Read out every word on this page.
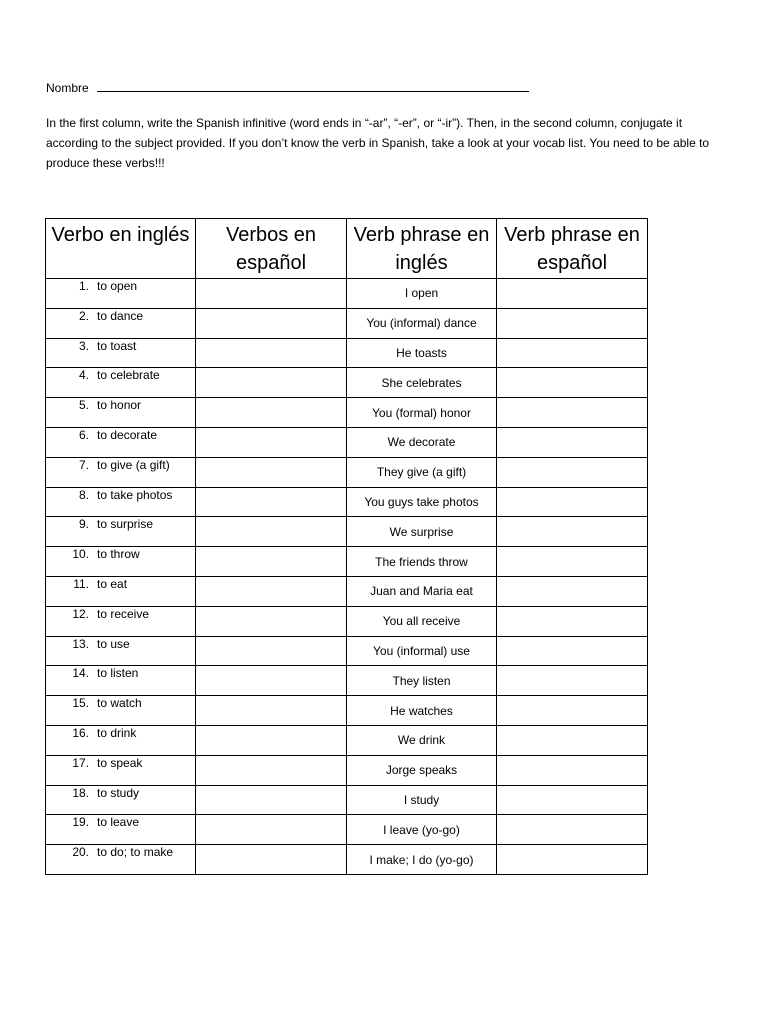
Nombre
In the first column, write the Spanish infinitive (word ends in “-ar”, “-er”, or “-ir”). Then, in the second column, conjugate it according to the subject provided. If you don’t know the verb in Spanish, take a look at your vocab list. You need to be able to produce these verbs!!!
Verbo en inglés	Verbos en español	Verb phrase en inglés	Verb phrase en español
1. to open		I open	
2. to dance		You (informal) dance	
3. to toast		He toasts	
4. to celebrate		She celebrates	
5. to honor		You (formal) honor	
6. to decorate		We decorate	
7. to give (a gift)		They give (a gift)	
8. to take photos		You guys take photos	
9. to surprise		We surprise	
10. to throw		The friends throw	
11. to eat		Juan and Maria eat	
12. to receive		You all receive	
13. to use		You (informal) use	
14. to listen		They listen	
15. to watch		He watches	
16. to drink		We drink	
17. to speak		Jorge speaks	
18. to study		I study	
19. to leave		I leave (yo-go)	
20. to do; to make		I make; I do (yo-go)	
